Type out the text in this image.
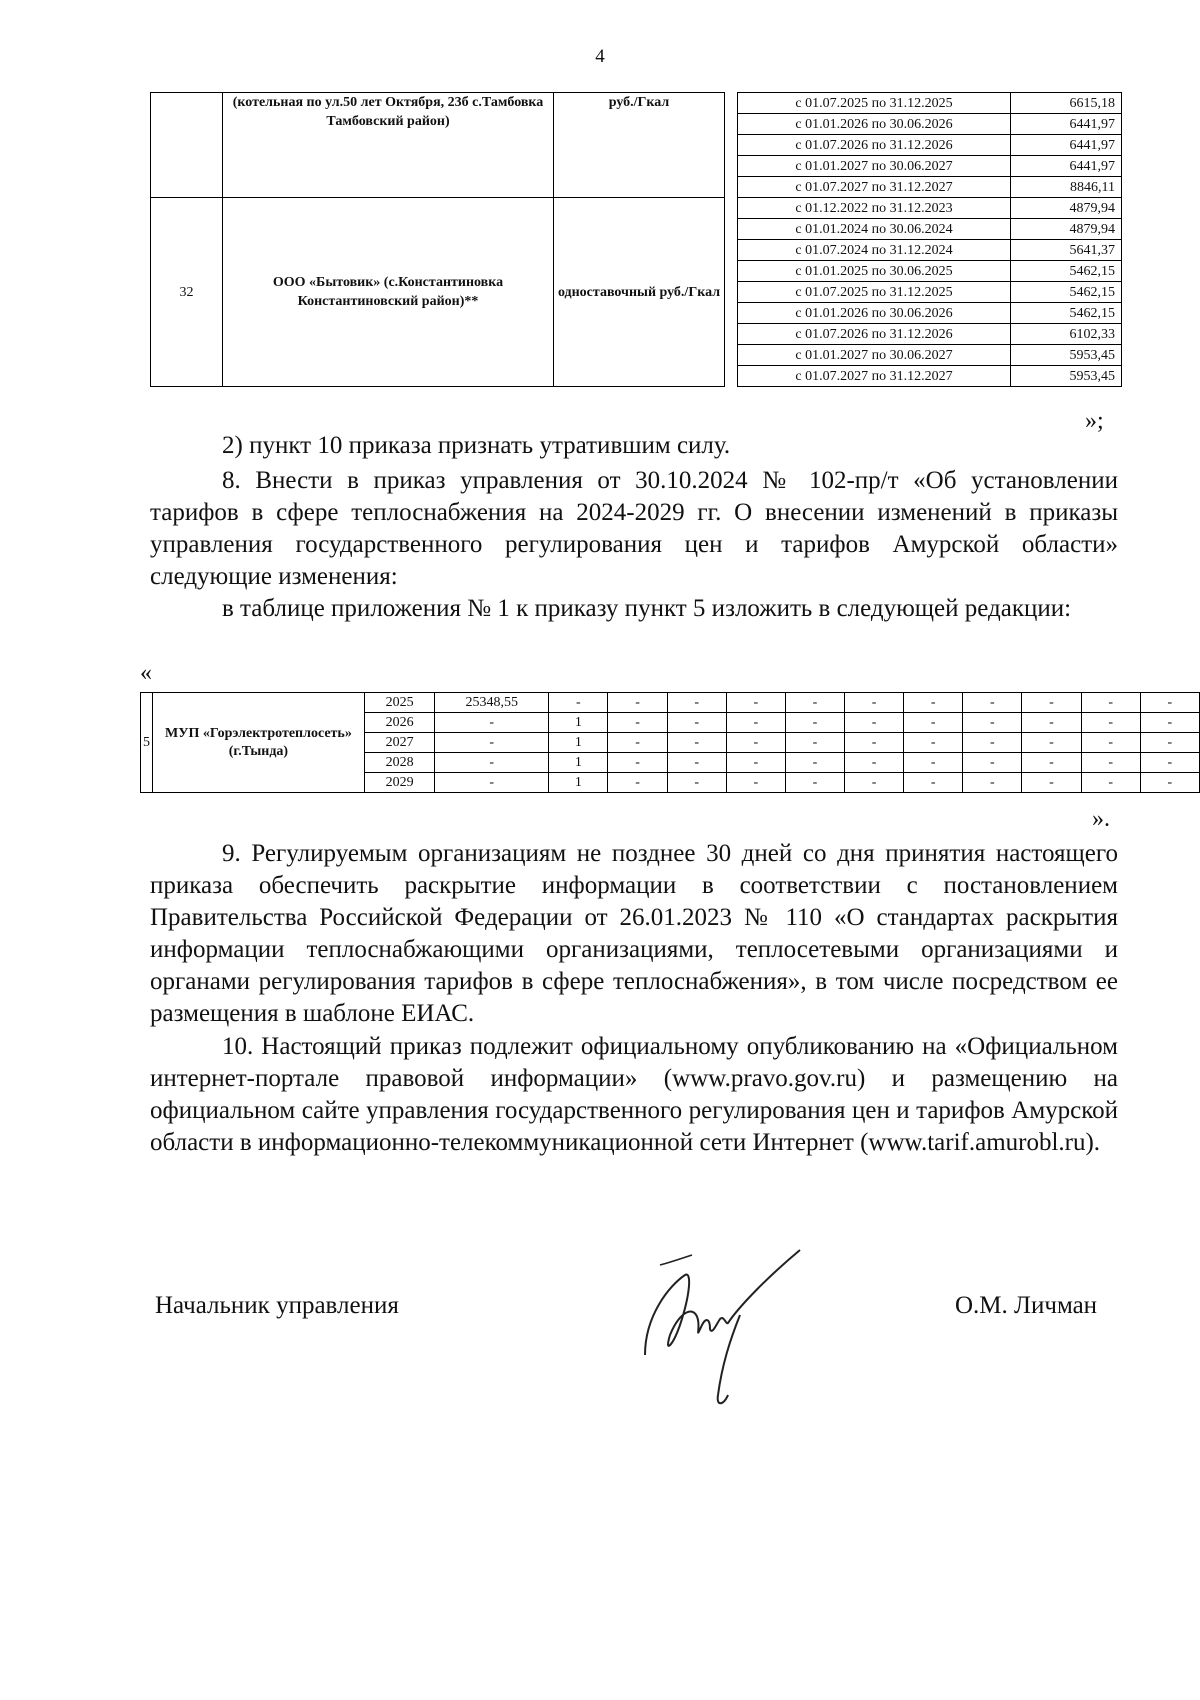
4
	(котельная по ул.50 лет Октября, 23б с.Тамбовка Тамбовский район)	руб./Гкал		с 01.07.2025 по 31.12.2025	6615,18
				с 01.01.2026 по 30.06.2026	6441,97
				с 01.07.2026 по 31.12.2026	6441,97
				с 01.01.2027 по 30.06.2027	6441,97
				с 01.07.2027 по 31.12.2027	8846,11
32	ООО «Бытовик» (с.Константиновка Константиновский район)**	одноставочный руб./Гкал		с 01.12.2022 по 31.12.2023	4879,94
				с 01.01.2024 по 30.06.2024	4879,94
				с 01.07.2024 по 31.12.2024	5641,37
				с 01.01.2025 по 30.06.2025	5462,15
				с 01.07.2025 по 31.12.2025	5462,15
				с 01.01.2026 по 30.06.2026	5462,15
				с 01.07.2026 по 31.12.2026	6102,33
				с 01.01.2027 по 30.06.2027	5953,45
				с 01.07.2027 по 31.12.2027	5953,45
»;
2) пункт 10 приказа признать утратившим силу.
8. Внести в приказ управления от 30.10.2024 № 102-пр/т «Об установлении тарифов в сфере теплоснабжения на 2024-2029 гг. О внесении изменений в приказы управления государственного регулирования цен и тарифов Амурской области» следующие изменения:
в таблице приложения № 1 к приказу пункт 5 изложить в следующей редакции:
«
5	МУП «Горэлектротеплосеть» (г.Тында)	2025	25348,55	-	-	-	-	-	-	-	-	-	-	-
		2026	-	1	-	-	-	-	-	-	-	-	-	-
		2027	-	1	-	-	-	-	-	-	-	-	-	-
		2028	-	1	-	-	-	-	-	-	-	-	-	-
		2029	-	1	-	-	-	-	-	-	-	-	-	-
».
9. Регулируемым организациям не позднее 30 дней со дня принятия настоящего приказа обеспечить раскрытие информации в соответствии с постановлением Правительства Российской Федерации от 26.01.2023 № 110 «О стандартах раскрытия информации теплоснабжающими организациями, теплосетевыми организациями и органами регулирования тарифов в сфере теплоснабжения», в том числе посредством ее размещения в шаблоне ЕИАС.
10. Настоящий приказ подлежит официальному опубликованию на «Официальном интернет-портале правовой информации» (www.pravo.gov.ru) и размещению на официальном сайте управления государственного регулирования цен и тарифов Амурской области в информационно-телекоммуникационной сети Интернет (www.tarif.amurobl.ru).
Начальник управления	О.М. Личман
